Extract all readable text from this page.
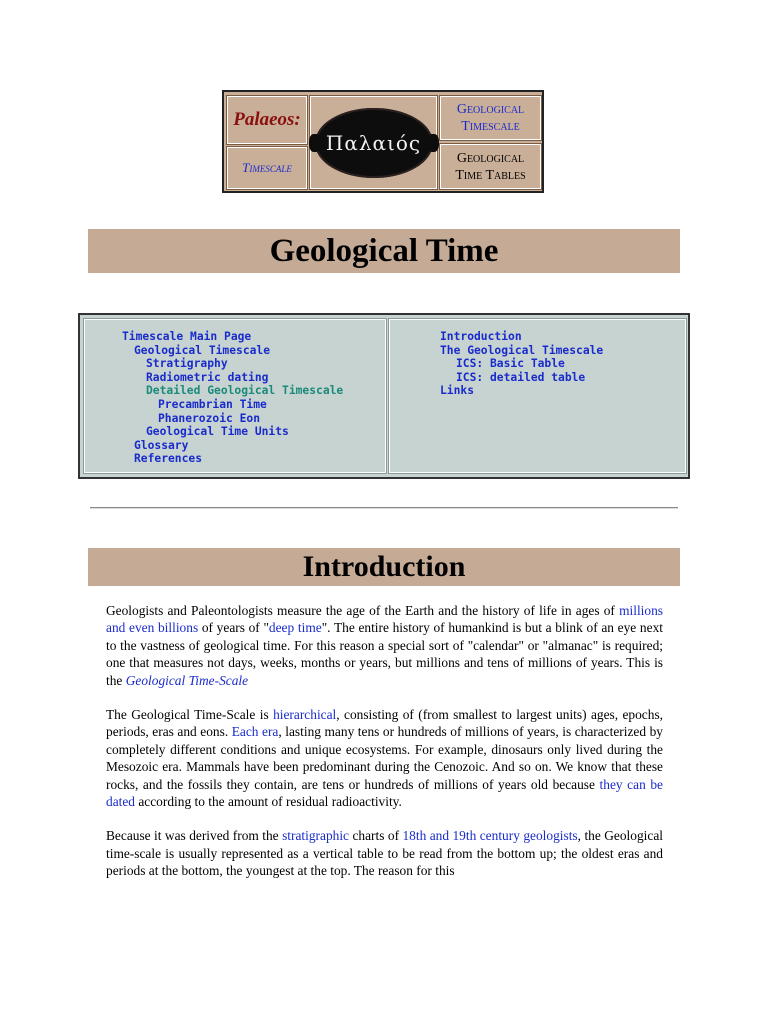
Palaeos:
Timescale
Παλαιός
Geological
Timescale
Geological
Time Tables
Geological Time
Timescale Main Page
Geological Timescale
Stratigraphy
Radiometric dating
Detailed Geological Timescale
Precambrian Time
Phanerozoic Eon
Geological Time Units
Glossary
References
Introduction
The Geological Timescale
ICS: Basic Table
ICS: detailed table
Links
Introduction

Geologists and Paleontologists measure the age of the Earth and the history of life in ages of millions and even billions of years of "deep time". The entire history of humankind is but a blink of an eye next to the vastness of geological time. For this reason a special sort of "calendar" or "almanac" is required; one that measures not days, weeks, months or years, but millions and tens of millions of years. This is the Geological Time-Scale

The Geological Time-Scale is hierarchical, consisting of (from smallest to largest units) ages, epochs, periods, eras and eons. Each era, lasting many tens or hundreds of millions of years, is characterized by completely different conditions and unique ecosystems. For example, dinosaurs only lived during the Mesozoic era. Mammals have been predominant during the Cenozoic. And so on. We know that these rocks, and the fossils they contain, are tens or hundreds of millions of years old because they can be dated according to the amount of residual radioactivity.

Because it was derived from the stratigraphic charts of 18th and 19th century geologists, the Geological time-scale is usually represented as a vertical table to be read from the bottom up; the oldest eras and periods at the bottom, the youngest at the top. The reason for this
